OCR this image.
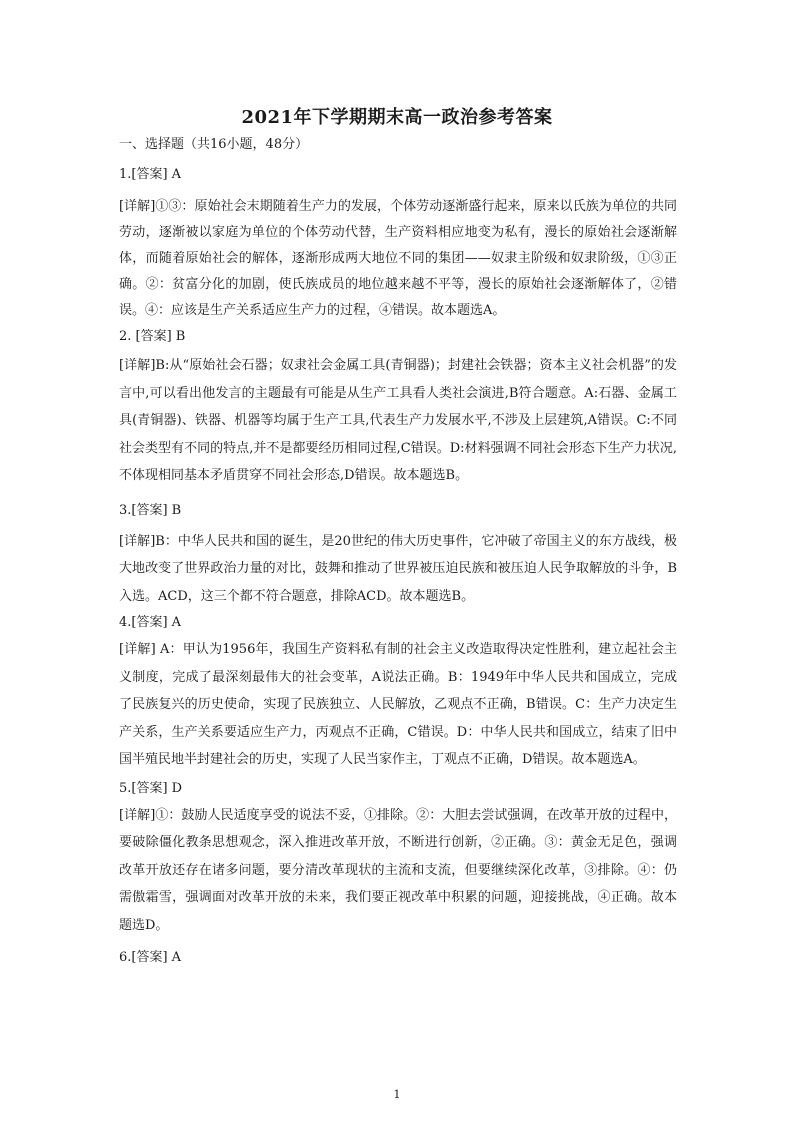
2021年下学期期末高一政治参考答案

一、选择题（共16小题，48分）

1.[答案] A

[详解]①③：原始社会末期随着生产力的发展，个体劳动逐渐盛行起来，原来以氏族为单位的共同劳动，逐渐被以家庭为单位的个体劳动代替，生产资料相应地变为私有，漫长的原始社会逐渐解体，而随着原始社会的解体，逐渐形成两大地位不同的集团——奴隶主阶级和奴隶阶级，①③正确。②：贫富分化的加剧，使氏族成员的地位越来越不平等，漫长的原始社会逐渐解体了，②错误。④：应该是生产关系适应生产力的过程，④错误。故本题选A。

2. [答案] B

[详解]B:从“原始社会石器；奴隶社会金属工具(青铜器)；封建社会铁器；资本主义社会机器”的发言中,可以看出他发言的主题最有可能是从生产工具看人类社会演进,B符合题意。A:石器、金属工具(青铜器)、铁器、机器等均属于生产工具,代表生产力发展水平,不涉及上层建筑,A错误。C:不同社会类型有不同的特点,并不是都要经历相同过程,C错误。D:材料强调不同社会形态下生产力状况,不体现相同基本矛盾贯穿不同社会形态,D错误。故本题选B。

3.[答案] B

[详解]B：中华人民共和国的诞生，是20世纪的伟大历史事件，它冲破了帝国主义的东方战线，极大地改变了世界政治力量的对比，鼓舞和推动了世界被压迫民族和被压迫人民争取解放的斗争，B入选。ACD，这三个都不符合题意，排除ACD。故本题选B。

4.[答案] A

[详解] A：甲认为1956年，我国生产资料私有制的社会主义改造取得决定性胜利，建立起社会主义制度，完成了最深刻最伟大的社会变革，A说法正确。B：1949年中华人民共和国成立，完成了民族复兴的历史使命，实现了民族独立、人民解放，乙观点不正确，B错误。C：生产力决定生产关系，生产关系要适应生产力，丙观点不正确，C错误。D：中华人民共和国成立，结束了旧中国半殖民地半封建社会的历史，实现了人民当家作主，丁观点不正确，D错误。故本题选A。

5.[答案] D

[详解]①：鼓励人民适度享受的说法不妥，①排除。②：大胆去尝试强调，在改革开放的过程中，要破除僵化教条思想观念，深入推进改革开放，不断进行创新，②正确。③：黄金无足色，强调改革开放还存在诸多问题，要分清改革现状的主流和支流，但要继续深化改革，③排除。④：仍需傲霜雪，强调面对改革开放的未来，我们要正视改革中积累的问题，迎接挑战，④正确。故本题选D。

6.[答案] A

1
